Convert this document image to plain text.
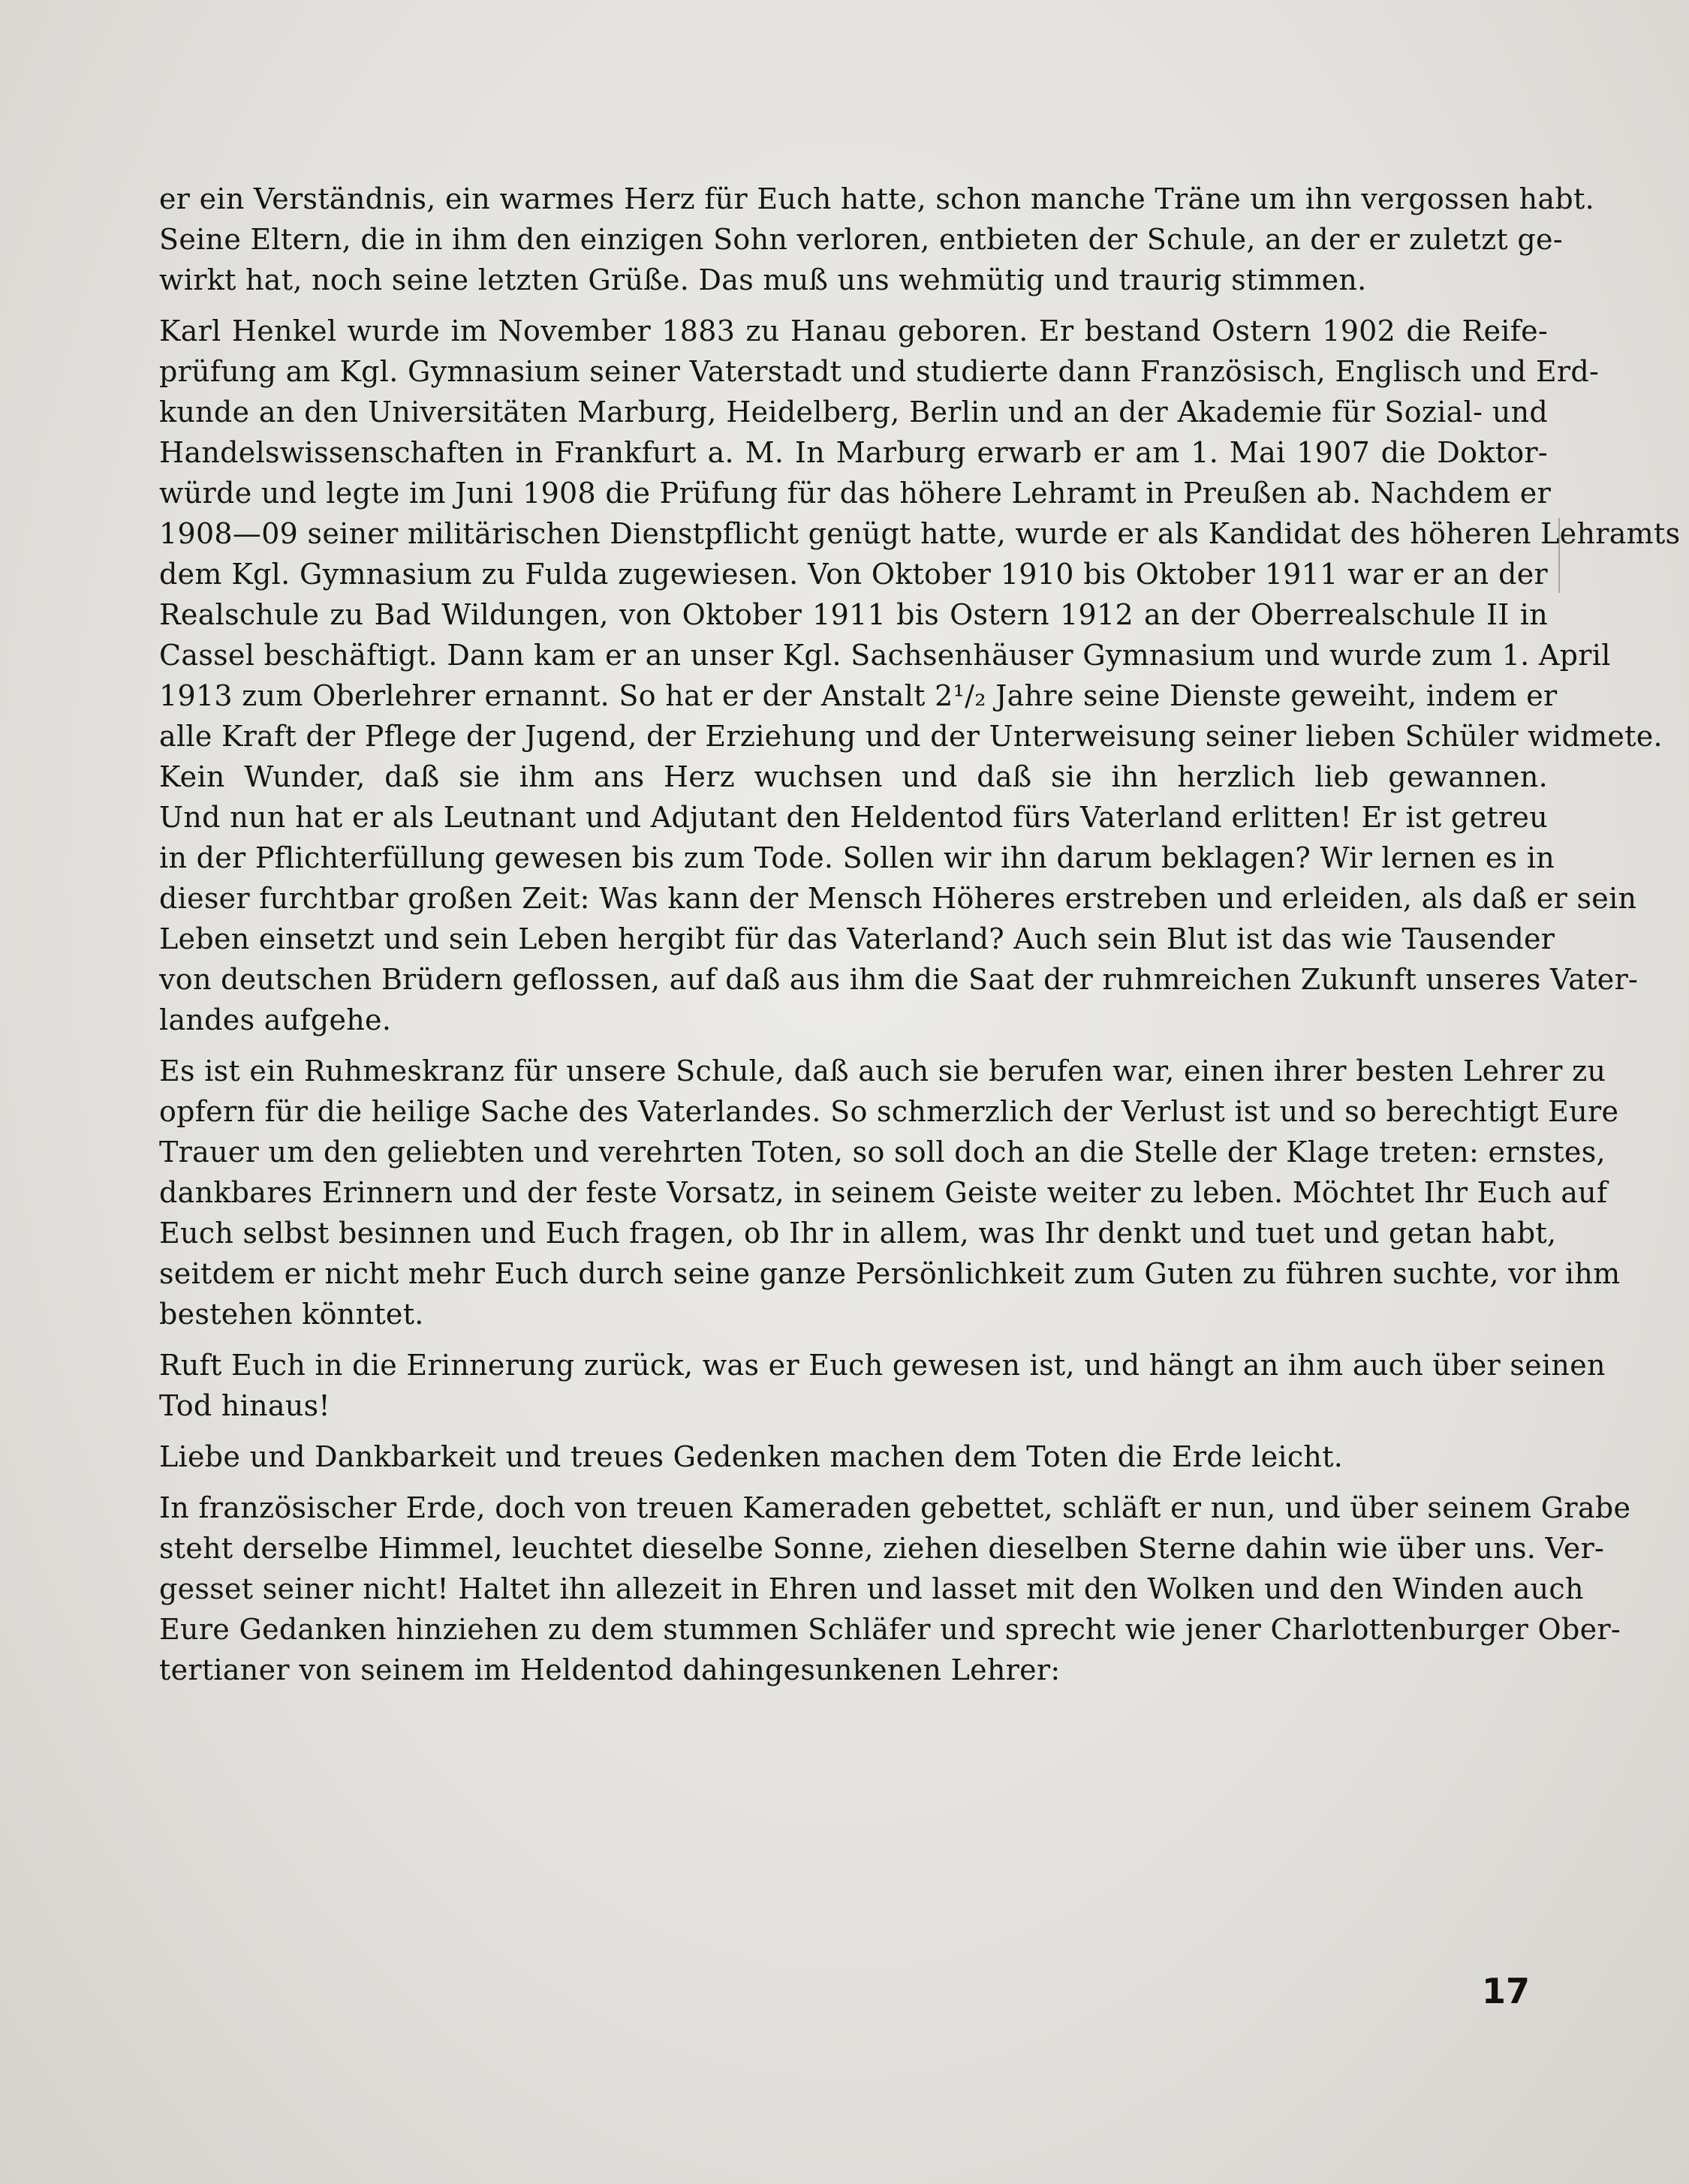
er ein Verständnis, ein warmes Herz für Euch hatte, schon manche Träne um ihn vergossen habt.
Seine Eltern, die in ihm den einzigen Sohn verloren, entbieten der Schule, an der er zuletzt ge-
wirkt hat, noch seine letzten Grüße. Das muß uns wehmütig und traurig stimmen.
Karl Henkel wurde im November 1883 zu Hanau geboren. Er bestand Ostern 1902 die Reife-
prüfung am Kgl. Gymnasium seiner Vaterstadt und studierte dann Französisch, Englisch und Erd-
kunde an den Universitäten Marburg, Heidelberg, Berlin und an der Akademie für Sozial- und
Handelswissenschaften in Frankfurt a. M. In Marburg erwarb er am 1. Mai 1907 die Doktor-
würde und legte im Juni 1908 die Prüfung für das höhere Lehramt in Preußen ab. Nachdem er
1908—09 seiner militärischen Dienstpflicht genügt hatte, wurde er als Kandidat des höheren Lehramts
dem Kgl. Gymnasium zu Fulda zugewiesen. Von Oktober 1910 bis Oktober 1911 war er an der
Realschule zu Bad Wildungen, von Oktober 1911 bis Ostern 1912 an der Oberrealschule II in
Cassel beschäftigt. Dann kam er an unser Kgl. Sachsenhäuser Gymnasium und wurde zum 1. April
1913 zum Oberlehrer ernannt. So hat er der Anstalt 2¹/₂ Jahre seine Dienste geweiht, indem er
alle Kraft der Pflege der Jugend, der Erziehung und der Unterweisung seiner lieben Schüler widmete.
Kein Wunder, daß sie ihm ans Herz wuchsen und daß sie ihn herzlich lieb gewannen.
Und nun hat er als Leutnant und Adjutant den Heldentod fürs Vaterland erlitten! Er ist getreu
in der Pflichterfüllung gewesen bis zum Tode. Sollen wir ihn darum beklagen? Wir lernen es in
dieser furchtbar großen Zeit: Was kann der Mensch Höheres erstreben und erleiden, als daß er sein
Leben einsetzt und sein Leben hergibt für das Vaterland? Auch sein Blut ist das wie Tausender
von deutschen Brüdern geflossen, auf daß aus ihm die Saat der ruhmreichen Zukunft unseres Vater-
landes aufgehe.
Es ist ein Ruhmeskranz für unsere Schule, daß auch sie berufen war, einen ihrer besten Lehrer zu
opfern für die heilige Sache des Vaterlandes. So schmerzlich der Verlust ist und so berechtigt Eure
Trauer um den geliebten und verehrten Toten, so soll doch an die Stelle der Klage treten: ernstes,
dankbares Erinnern und der feste Vorsatz, in seinem Geiste weiter zu leben. Möchtet Ihr Euch auf
Euch selbst besinnen und Euch fragen, ob Ihr in allem, was Ihr denkt und tuet und getan habt,
seitdem er nicht mehr Euch durch seine ganze Persönlichkeit zum Guten zu führen suchte, vor ihm
bestehen könntet.
Ruft Euch in die Erinnerung zurück, was er Euch gewesen ist, und hängt an ihm auch über seinen
Tod hinaus!
Liebe und Dankbarkeit und treues Gedenken machen dem Toten die Erde leicht.
In französischer Erde, doch von treuen Kameraden gebettet, schläft er nun, und über seinem Grabe
steht derselbe Himmel, leuchtet dieselbe Sonne, ziehen dieselben Sterne dahin wie über uns. Ver-
gesset seiner nicht! Haltet ihn allezeit in Ehren und lasset mit den Wolken und den Winden auch
Eure Gedanken hinziehen zu dem stummen Schläfer und sprecht wie jener Charlottenburger Ober-
tertianer von seinem im Heldentod dahingesunkenen Lehrer:
17
